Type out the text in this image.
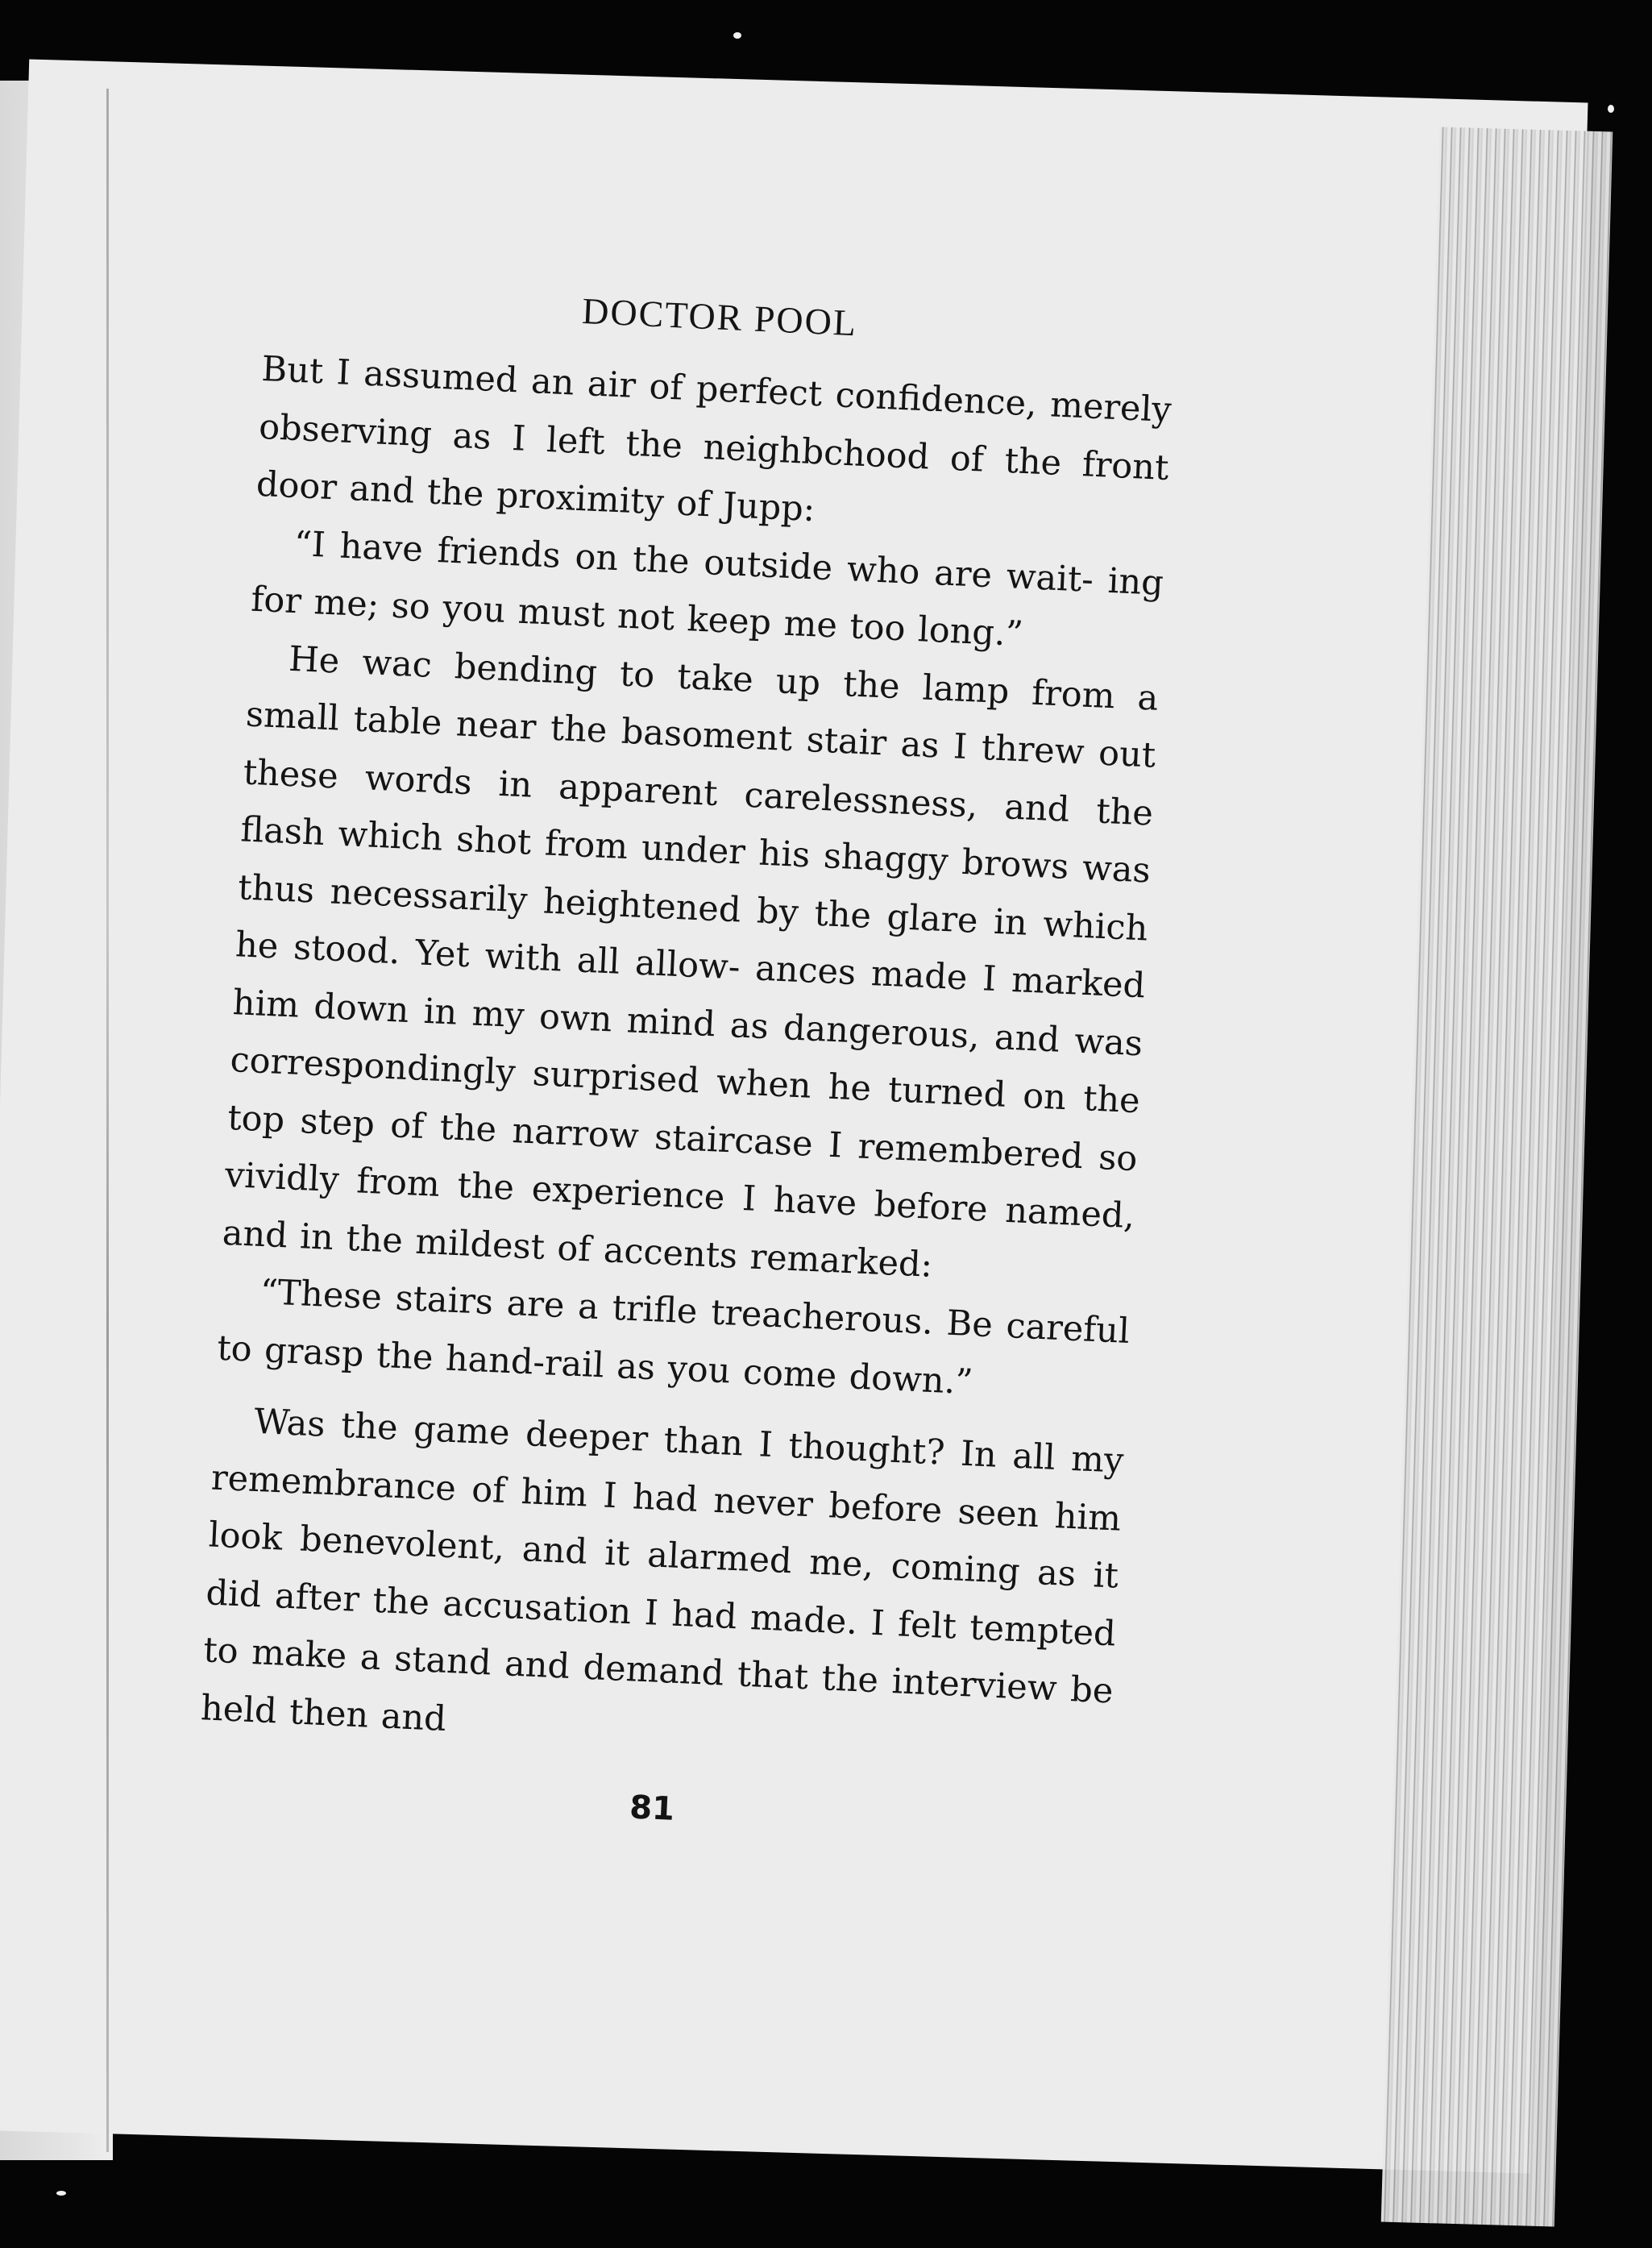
DOCTOR POOL

But I assumed an air of perfect confidence, merely observing as I left the neighbchood of the front door and the proximity of Jupp:

“I have friends on the outside who are wait- ing for me; so you must not keep me too long.”

He wac bending to take up the lamp from a small table near the basoment stair as I threw out these words in apparent carelessness, and the flash which shot from under his shaggy brows was thus necessarily heightened by the glare in which he stood. Yet with all allow- ances made I marked him down in my own mind as dangerous, and was correspondingly surprised when he turned on the top step of the narrow staircase I remembered so vividly from the experience I have before named, and in the mildest of accents remarked:

“These stairs are a trifle treacherous. Be careful to grasp the hand-rail as you come down.”

Was the game deeper than I thought? In all my remembrance of him I had never before seen him look benevolent, and it alarmed me, coming as it did after the accusation I had made. I felt tempted to make a stand and demand that the interview be held then and

81
